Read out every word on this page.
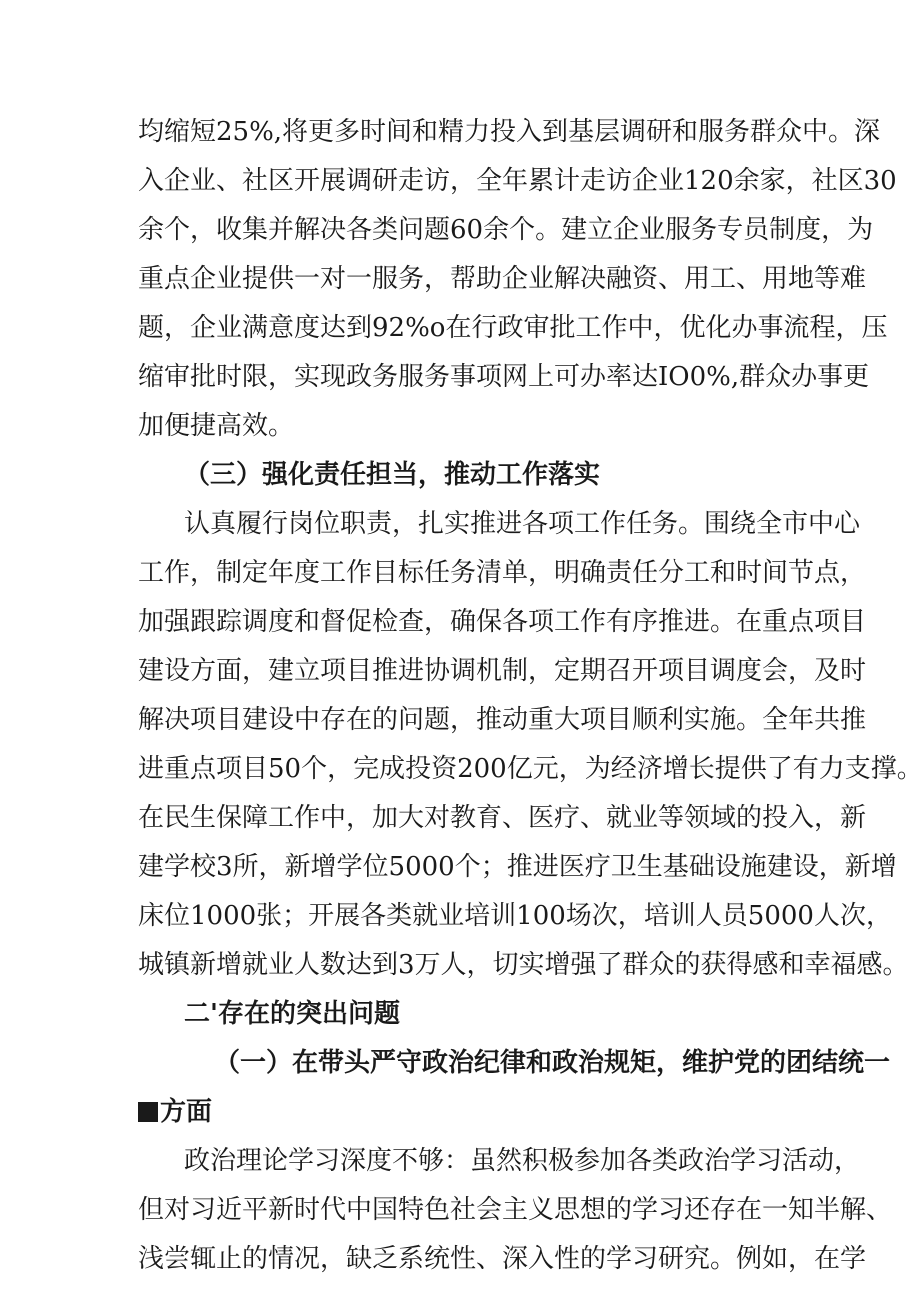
均缩短25%,将更多时间和精力投入到基层调研和服务群众中。深
入企业、社区开展调研走访，全年累计走访企业120余家，社区30
余个，收集并解决各类问题60余个。建立企业服务专员制度，为
重点企业提供一对一服务，帮助企业解决融资、用工、用地等难
题，企业满意度达到92%o在行政审批工作中，优化办事流程，压
缩审批时限，实现政务服务事项网上可办率达IO0%,群众办事更
加便捷高效。
（三）强化责任担当，推动工作落实
认真履行岗位职责，扎实推进各项工作任务。围绕全市中心
工作，制定年度工作目标任务清单，明确责任分工和时间节点，
加强跟踪调度和督促检查，确保各项工作有序推进。在重点项目
建设方面，建立项目推进协调机制，定期召开项目调度会，及时
解决项目建设中存在的问题，推动重大项目顺利实施。全年共推
进重点项目50个，完成投资200亿元，为经济增长提供了有力支撑。
在民生保障工作中，加大对教育、医疗、就业等领域的投入，新
建学校3所，新增学位5000个；推进医疗卫生基础设施建设，新增
床位1000张；开展各类就业培训100场次，培训人员5000人次，
城镇新增就业人数达到3万人，切实增强了群众的获得感和幸福感。
二'存在的突出问题
（一）在带头严守政治纪律和政治规矩，维护党的团结统一
方面
政治理论学习深度不够：虽然积极参加各类政治学习活动，
但对习近平新时代中国特色社会主义思想的学习还存在一知半解、
浅尝辄止的情况，缺乏系统性、深入性的学习研究。例如，在学
